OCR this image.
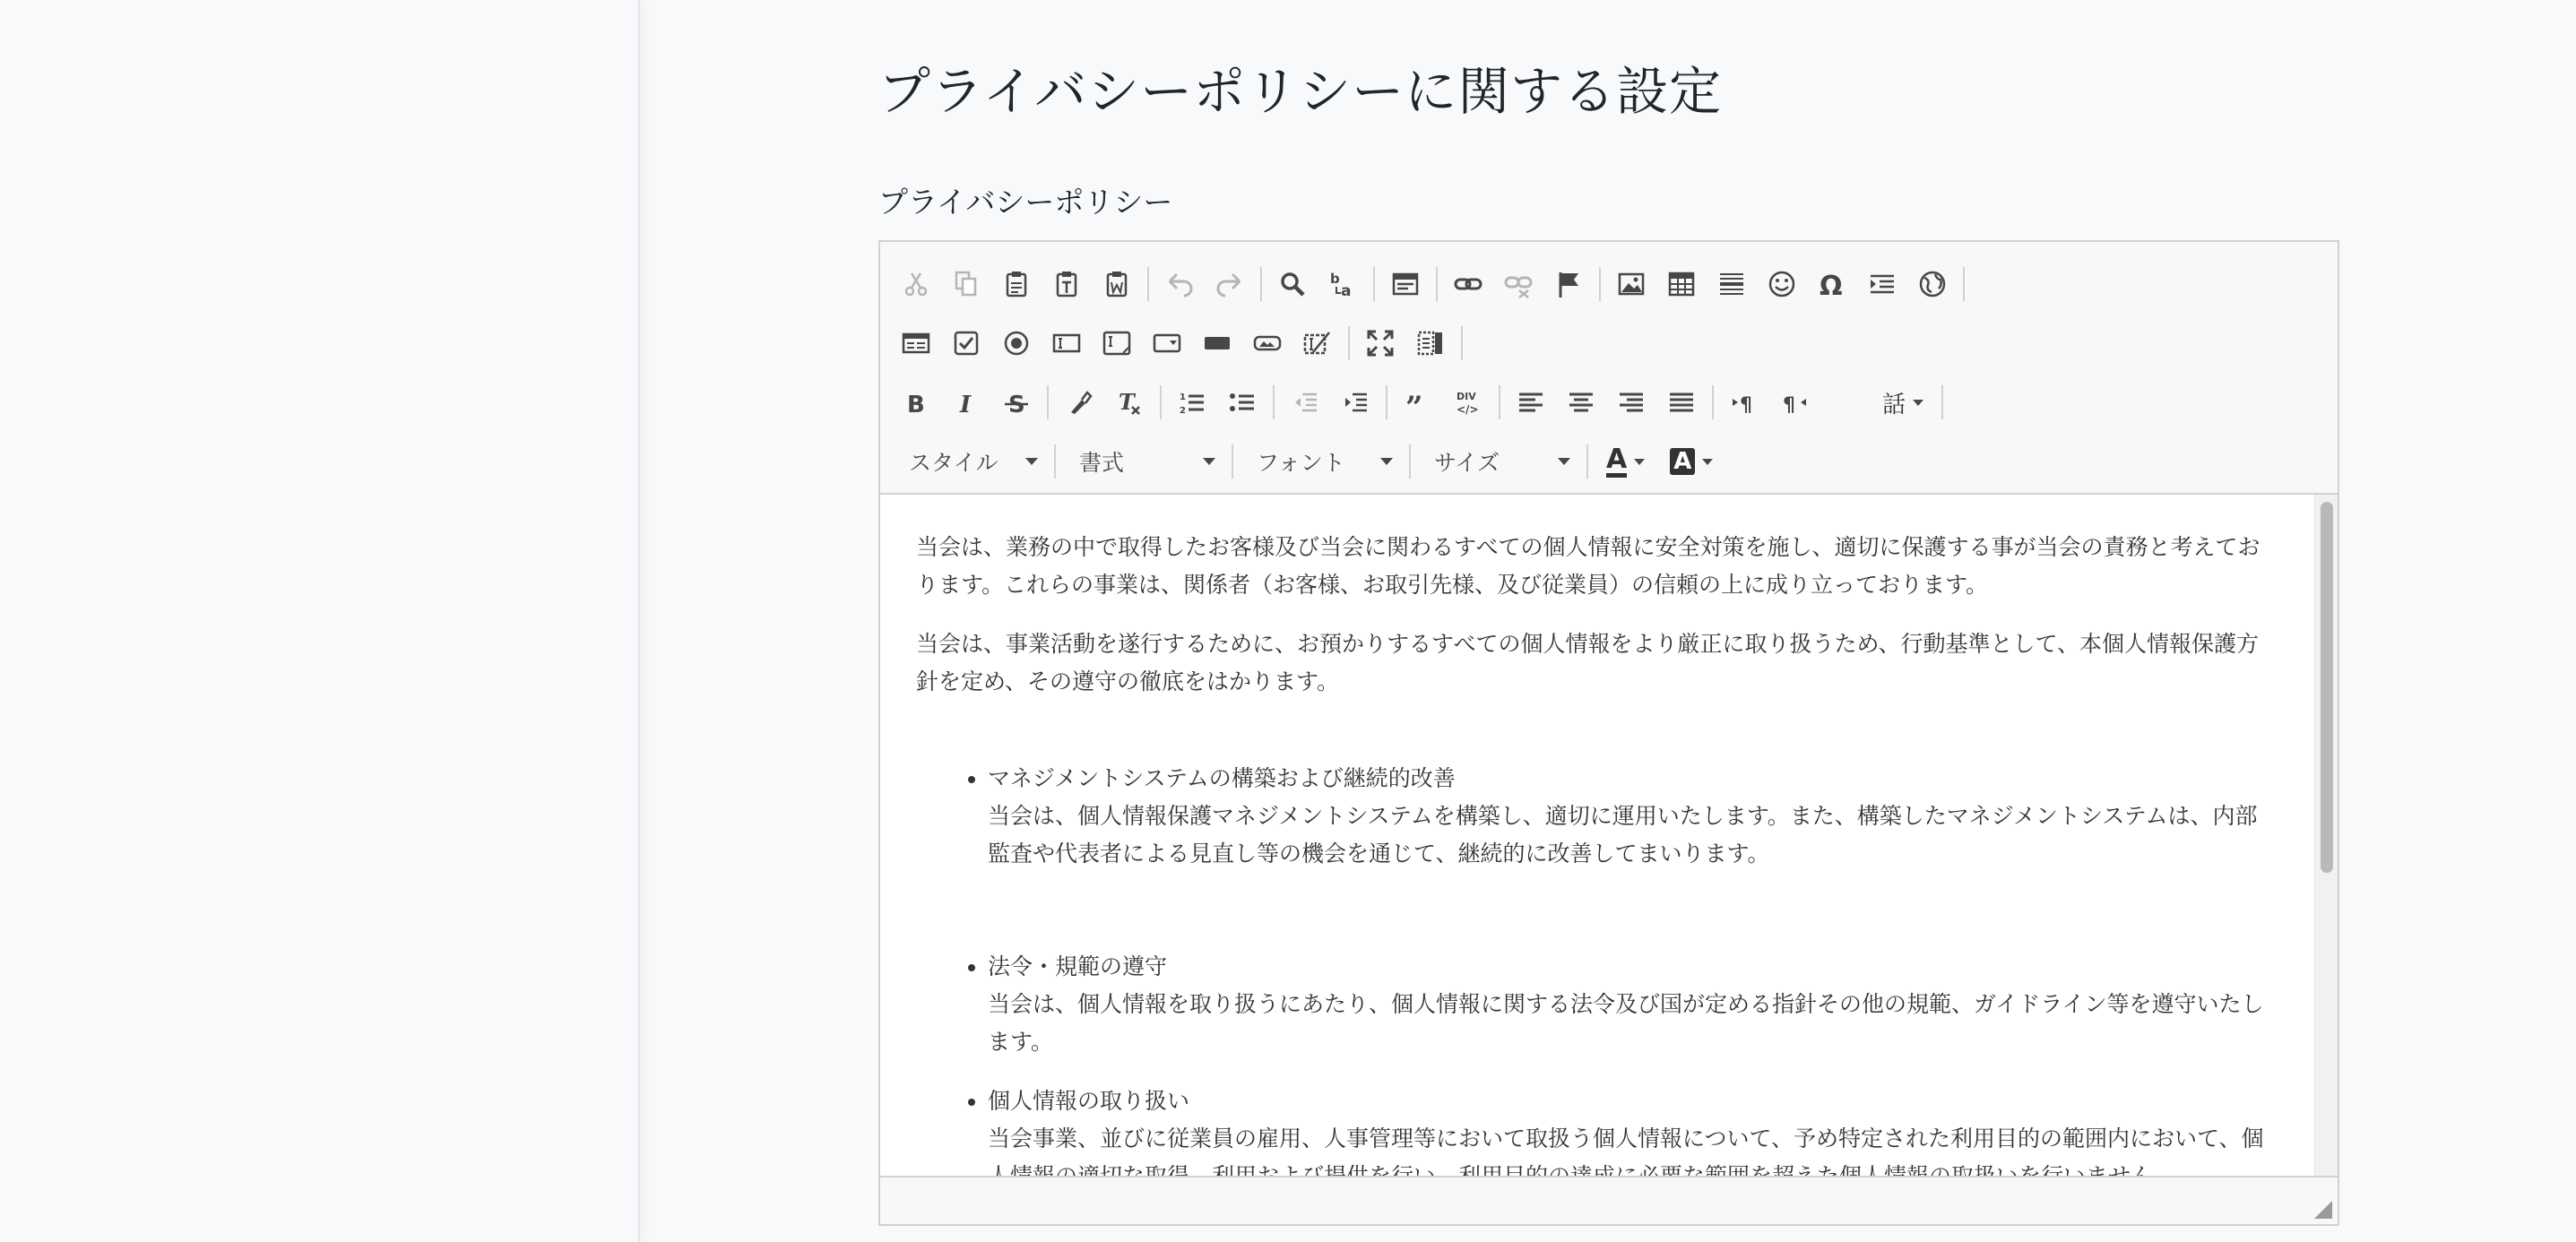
プライバシーポリシーに関する設定
プライバシーポリシー
b
a	Ω
B I S	T	1
2	”	DIV
</>	¶ ¶	話
スタイル	書式	フォント	サイズ	A A

当会は、業務の中で取得したお客様及び当会に関わるすべての個人情報に安全対策を施し、適切に保護する事が当会の責務と考えております。これらの事業は、関係者（お客様、お取引先様、及び従業員）の信頼の上に成り立っております。

当会は、事業活動を遂行するために、お預かりするすべての個人情報をより厳正に取り扱うため、行動基準として、本個人情報保護方針を定め、その遵守の徹底をはかります。

• マネジメントシステムの構築および継続的改善
当会は、個人情報保護マネジメントシステムを構築し、適切に運用いたします。また、構築したマネジメントシステムは、内部監査や代表者による見直し等の機会を通じて、継続的に改善してまいります。
• 法令・規範の遵守
当会は、個人情報を取り扱うにあたり、個人情報に関する法令及び国が定める指針その他の規範、ガイドライン等を遵守いたします。
• 個人情報の取り扱い
当会事業、並びに従業員の雇用、人事管理等において取扱う個人情報について、予め特定された利用目的の範囲内において、個
